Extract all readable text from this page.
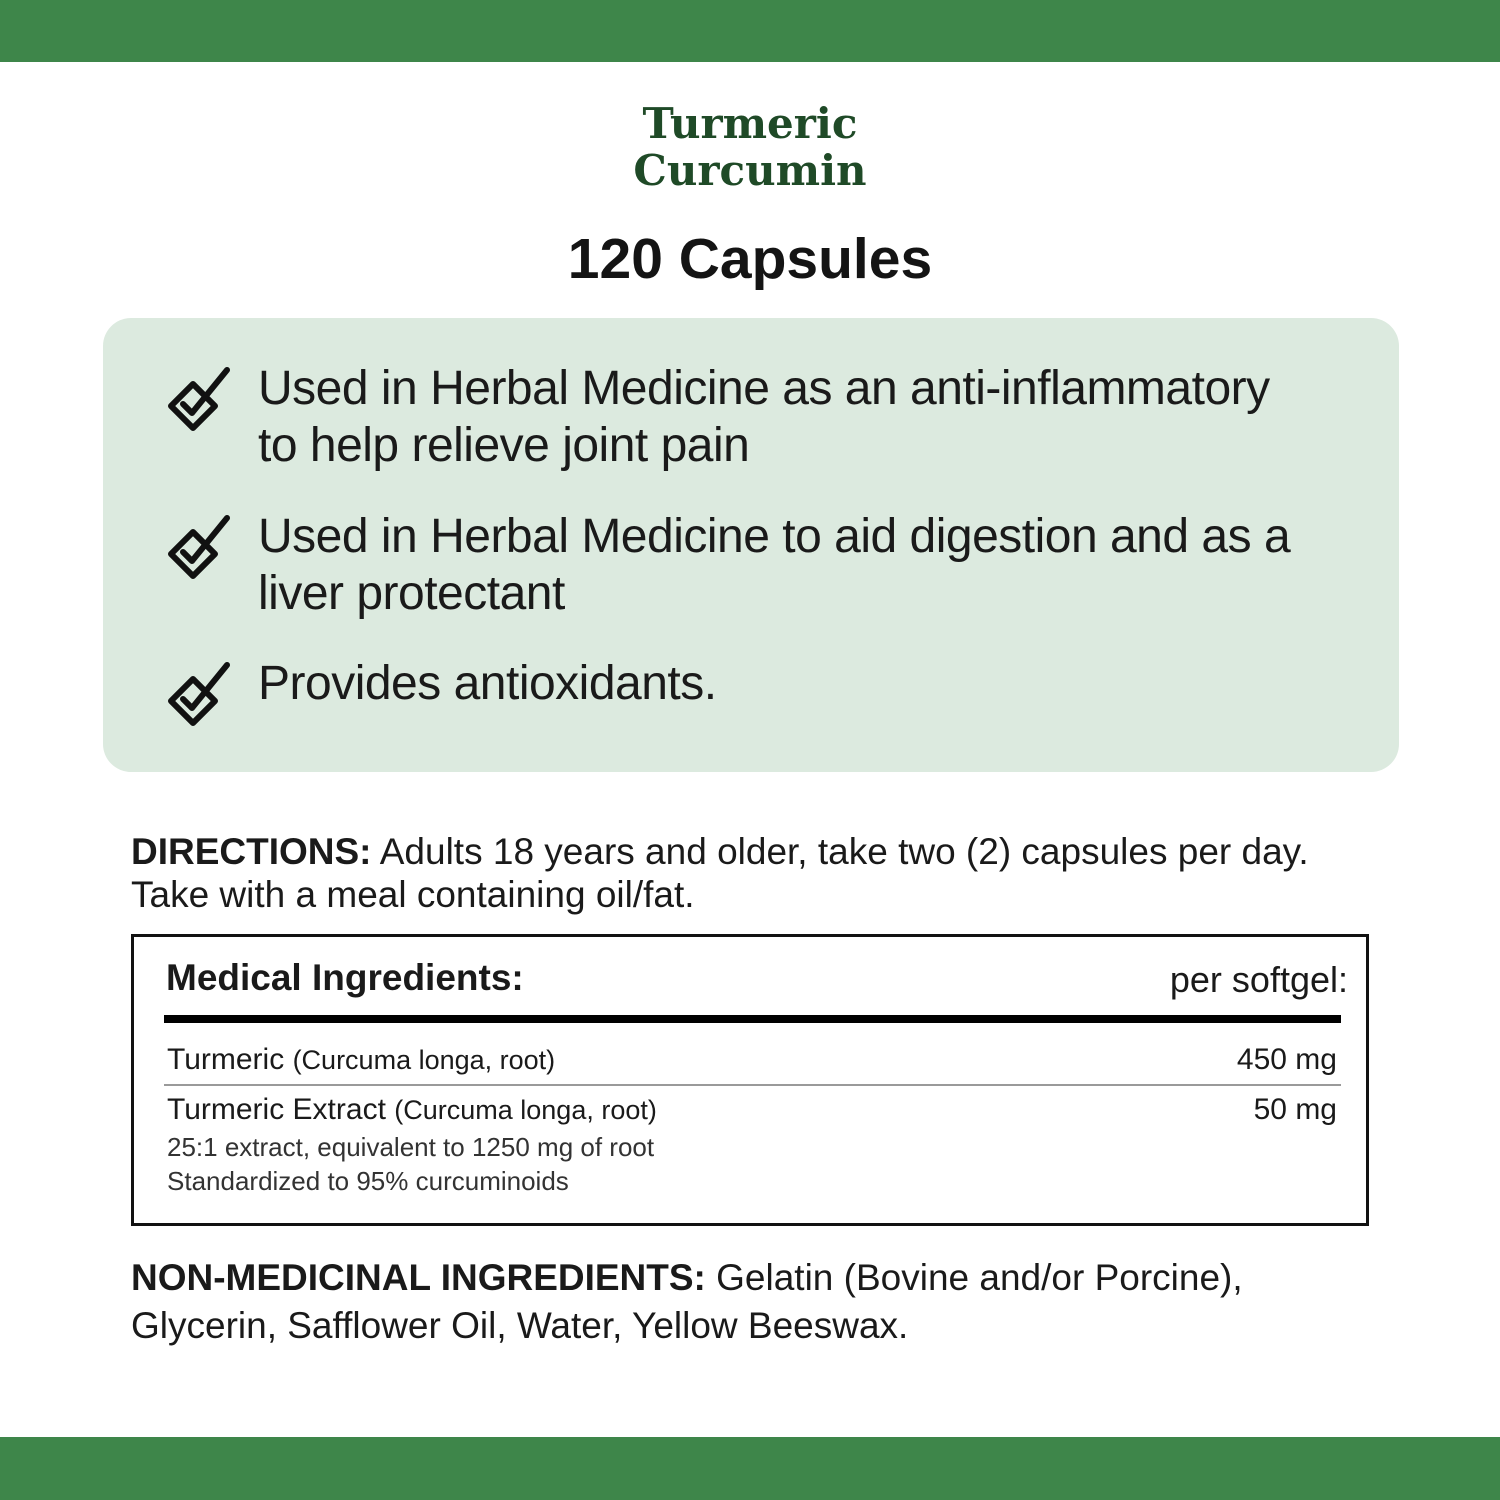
Turmeric
Curcumin
120 Capsules
Used in Herbal Medicine as an anti-inflammatory
to help relieve joint pain
Used in Herbal Medicine to aid digestion and as a
liver protectant
Provides antioxidants.
DIRECTIONS: Adults 18 years and older, take two (2) capsules per day.
Take with a meal containing oil/fat.
Medical Ingredients:	per softgel:
Turmeric (Curcuma longa, root)	450 mg
Turmeric Extract (Curcuma longa, root)	50 mg
25:1 extract, equivalent to 1250 mg of root
Standardized to 95% curcuminoids
NON-MEDICINAL INGREDIENTS: Gelatin (Bovine and/or Porcine),
Glycerin, Safflower Oil, Water, Yellow Beeswax.
